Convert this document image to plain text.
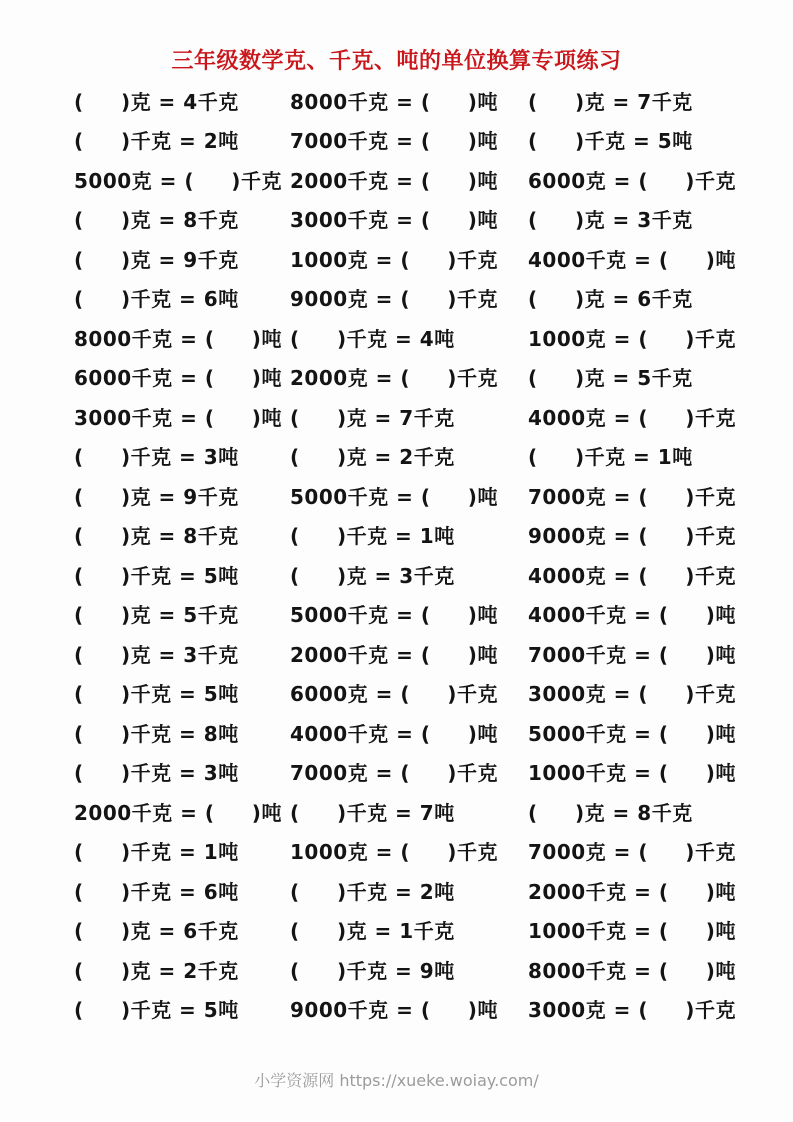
三年级数学克、千克、吨的单位换算专项练习
(     )克 = 4千克	8000千克 = (     )吨	(     )克 = 7千克
(     )千克 = 2吨	7000千克 = (     )吨	(     )千克 = 5吨
5000克 = (     )千克 2000千克 = (     )吨	6000克 = (     )千克
(     )克 = 8千克	3000千克 = (     )吨	(     )克 = 3千克
(     )克 = 9千克	1000克 = (     )千克	4000千克 = (     )吨
(     )千克 = 6吨	9000克 = (     )千克	(     )克 = 6千克
8000千克 = (     )吨 (     )千克 = 4吨	1000克 = (     )千克
6000千克 = (     )吨 2000克 = (     )千克	(     )克 = 5千克
3000千克 = (     )吨 (     )克 = 7千克	4000克 = (     )千克
(     )千克 = 3吨	(     )克 = 2千克	(     )千克 = 1吨
(     )克 = 9千克	5000千克 = (     )吨	7000克 = (     )千克
(     )克 = 8千克	(     )千克 = 1吨	9000克 = (     )千克
(     )千克 = 5吨	(     )克 = 3千克	4000克 = (     )千克
(     )克 = 5千克	5000千克 = (     )吨	4000千克 = (     )吨
(     )克 = 3千克	2000千克 = (     )吨	7000千克 = (     )吨
(     )千克 = 5吨	6000克 = (     )千克	3000克 = (     )千克
(     )千克 = 8吨	4000千克 = (     )吨	5000千克 = (     )吨
(     )千克 = 3吨	7000克 = (     )千克	1000千克 = (     )吨
2000千克 = (     )吨 (     )千克 = 7吨	(     )克 = 8千克
(     )千克 = 1吨	1000克 = (     )千克	7000克 = (     )千克
(     )千克 = 6吨	(     )千克 = 2吨	2000千克 = (     )吨
(     )克 = 6千克	(     )克 = 1千克	1000千克 = (     )吨
(     )克 = 2千克	(     )千克 = 9吨	8000千克 = (     )吨
(     )千克 = 5吨	9000千克 = (     )吨	3000克 = (     )千克
小学资源网 https://xueke.woiay.com/
